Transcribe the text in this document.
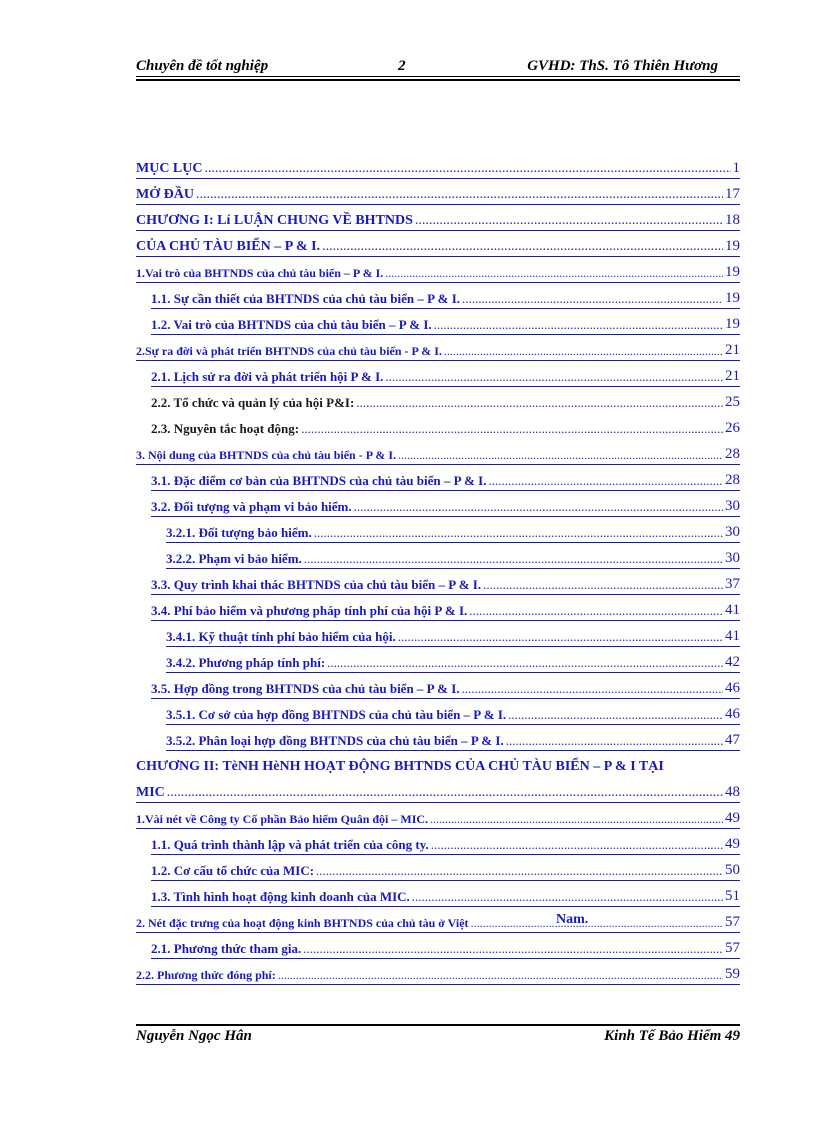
Chuyên đề tốt nghiệp	2	GVHD: ThS. Tô Thiên Hương
MỤC LỤC .....	1
MỞ ĐẦU .....	17
CHƯƠNG I: Lí LUẬN CHUNG VỀ BHTNDS .....	18
CỦA CHỦ TÀU BIỂN – P & I. .....	19
1.Vai trò của BHTNDS của chủ tàu biển – P & I. .....	19
1.1. Sự cần thiết của BHTNDS của chủ tàu biển – P & I. .....	19
1.2. Vai trò của BHTNDS của chủ tàu biển – P & I. .....	19
2.Sự ra đời và phát triển BHTNDS của chủ tàu biển - P & I. .....	21
2.1. Lịch sử ra đời và phát triển hội P & I. .....	21
2.2. Tổ chức và quản lý của hội P&I: .....	25
2.3. Nguyên tắc hoạt động: .....	26
3. Nội dung của BHTNDS của chủ tàu biển - P & I. .....	28
3.1. Đặc điểm cơ bản của BHTNDS của chủ tàu biển – P & I. .....	28
3.2. Đối tượng và phạm vi bảo hiểm. .....	30
3.2.1. Đối tượng bảo hiểm. .....	30
3.2.2. Phạm vi bảo hiểm. .....	30
3.3. Quy trình khai thác BHTNDS của chủ tàu biển – P & I. .....	37
3.4. Phí bảo hiểm và phương pháp tính phí của hội P & I. .....	41
3.4.1. Kỹ thuật tính phí bảo hiểm của hội. .....	41
3.4.2. Phương pháp tính phí: .....	42
3.5. Hợp đồng trong BHTNDS của chủ tàu biển – P & I. .....	46
3.5.1. Cơ sở của hợp đồng BHTNDS của chủ tàu biển – P & I. .....	46
3.5.2. Phân loại hợp đồng BHTNDS của chủ tàu biển – P & I. .....	47
CHƯƠNG II: TèNH HèNH HOẠT ĐỘNG BHTNDS CỦA CHỦ TÀU BIỂN – P & I TẠI
MIC .....	48
1.Vài nét về Công ty Cổ phần Bảo hiểm Quân đội – MIC. .....	49
1.1. Quá trình thành lập và phát triển của công ty. .....	49
1.2. Cơ cấu tổ chức của MIC: .....	50
1.3. Tình hình hoạt động kinh doanh của MIC. .....	51
2. Nét đặc trưng của hoạt động kinh BHTNDS của chủ tàu ở Việt .....	57
2.1. Phương thức tham gia. .....	57
2.2. Phương thức đóng phí: .....	59
Nam.
Nguyễn Ngọc Hân	Kinh Tế Bảo Hiểm 49
